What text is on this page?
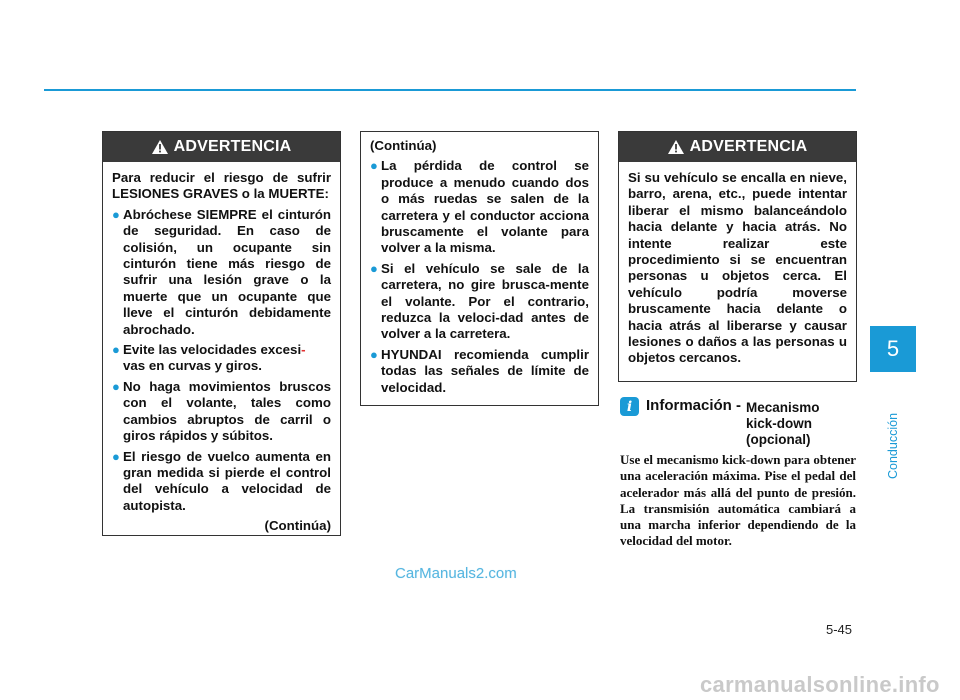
ADVERTENCIA

Para reducir el riesgo de sufrir LESIONES GRAVES o la MUERTE:

● Abróchese SIEMPRE el cinturón de seguridad. En caso de colisión, un ocupante sin cinturón tiene más riesgo de sufrir una lesión grave o la muerte que un ocupante que lleve el cinturón debidamente abrochado.
● Evite las velocidades excesi-
vas en curvas y giros.
● No haga movimientos bruscos con el volante, tales como cambios abruptos de carril o giros rápidos y súbitos.
● El riesgo de vuelco aumenta en gran medida si pierde el control del vehículo a velocidad de autopista.
(Continúa)
(Continúa)
● La pérdida de control se produce a menudo cuando dos o más ruedas se salen de la carretera y el conductor acciona bruscamente el volante para volver a la misma.
● Si el vehículo se sale de la carretera, no gire brusca-mente el volante. Por el contrario, reduzca la veloci-dad antes de volver a la carretera.
● HYUNDAI recomienda cumplir todas las señales de límite de velocidad.
ADVERTENCIA

Si su vehículo se encalla en nieve, barro, arena, etc., puede intentar liberar el mismo balanceándolo hacia delante y hacia atrás. No intente realizar este procedimiento si se encuentran personas u objetos cerca. El vehículo podría moverse bruscamente hacia delante o hacia atrás al liberarse y causar lesiones o daños a las personas u objetos cercanos.

i Información - Mecanismo
kick-down
(opcional)
Use el mecanismo kick-down para obtener una aceleración máxima. Pise el pedal del acelerador más allá del punto de presión. La transmisión automática cambiará a una marcha inferior dependiendo de la velocidad del motor.
5
Conducción
CarManuals2.com
5-45
carmanualsonline.info
